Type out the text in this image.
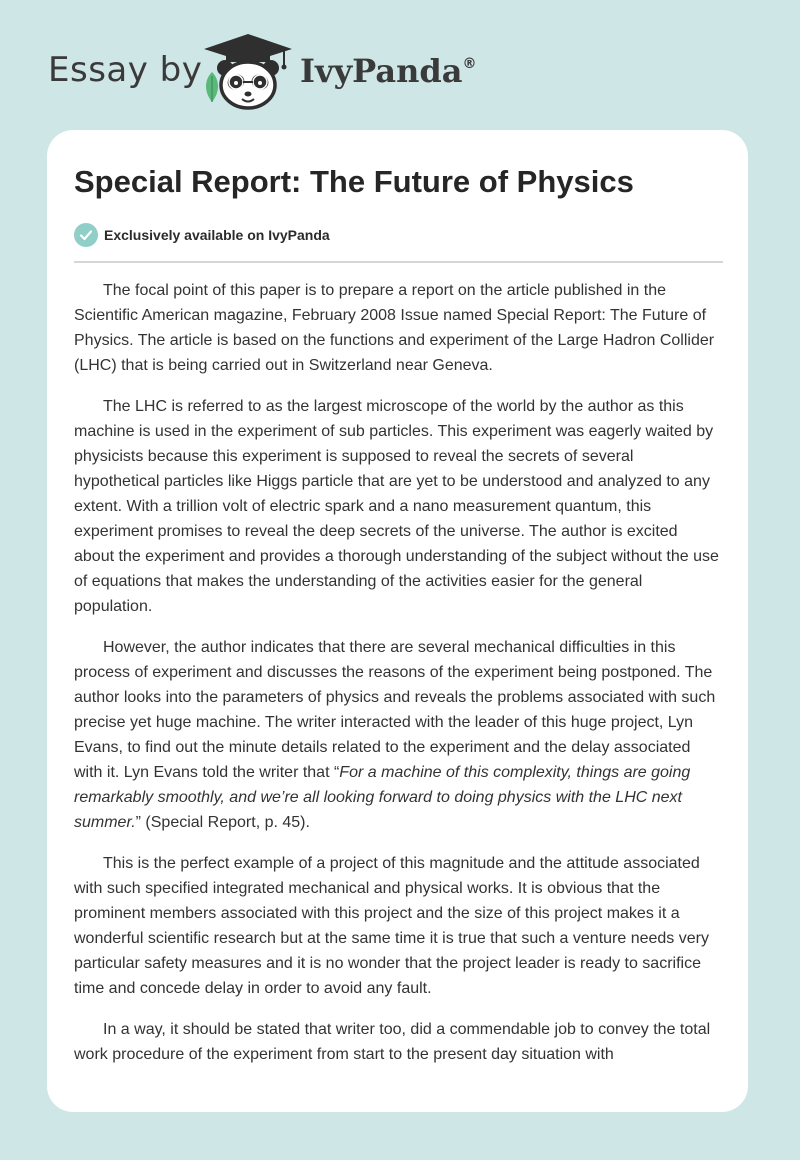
Essay by	IvyPanda®
Special Report: The Future of Physics
Exclusively available on IvyPanda

The focal point of this paper is to prepare a report on the article published in the Scientific American magazine, February 2008 Issue named Special Report: The Future of Physics. The article is based on the functions and experiment of the Large Hadron Collider (LHC) that is being carried out in Switzerland near Geneva.

The LHC is referred to as the largest microscope of the world by the author as this machine is used in the experiment of sub particles. This experiment was eagerly waited by physicists because this experiment is supposed to reveal the secrets of several hypothetical particles like Higgs particle that are yet to be understood and analyzed to any extent. With a trillion volt of electric spark and a nano measurement quantum, this experiment promises to reveal the deep secrets of the universe. The author is excited about the experiment and provides a thorough understanding of the subject without the use of equations that makes the understanding of the activities easier for the general population.

However, the author indicates that there are several mechanical difficulties in this process of experiment and discusses the reasons of the experiment being postponed. The author looks into the parameters of physics and reveals the problems associated with such precise yet huge machine. The writer interacted with the leader of this huge project, Lyn Evans, to find out the minute details related to the experiment and the delay associated with it. Lyn Evans told the writer that “For a machine of this complexity, things are going remarkably smoothly, and we’re all looking forward to doing physics with the LHC next summer.” (Special Report, p. 45).

This is the perfect example of a project of this magnitude and the attitude associated with such specified integrated mechanical and physical works. It is obvious that the prominent members associated with this project and the size of this project makes it a wonderful scientific research but at the same time it is true that such a venture needs very particular safety measures and it is no wonder that the project leader is ready to sacrifice time and concede delay in order to avoid any fault.

In a way, it should be stated that writer too, did a commendable job to convey the total work procedure of the experiment from start to the present day situation with
